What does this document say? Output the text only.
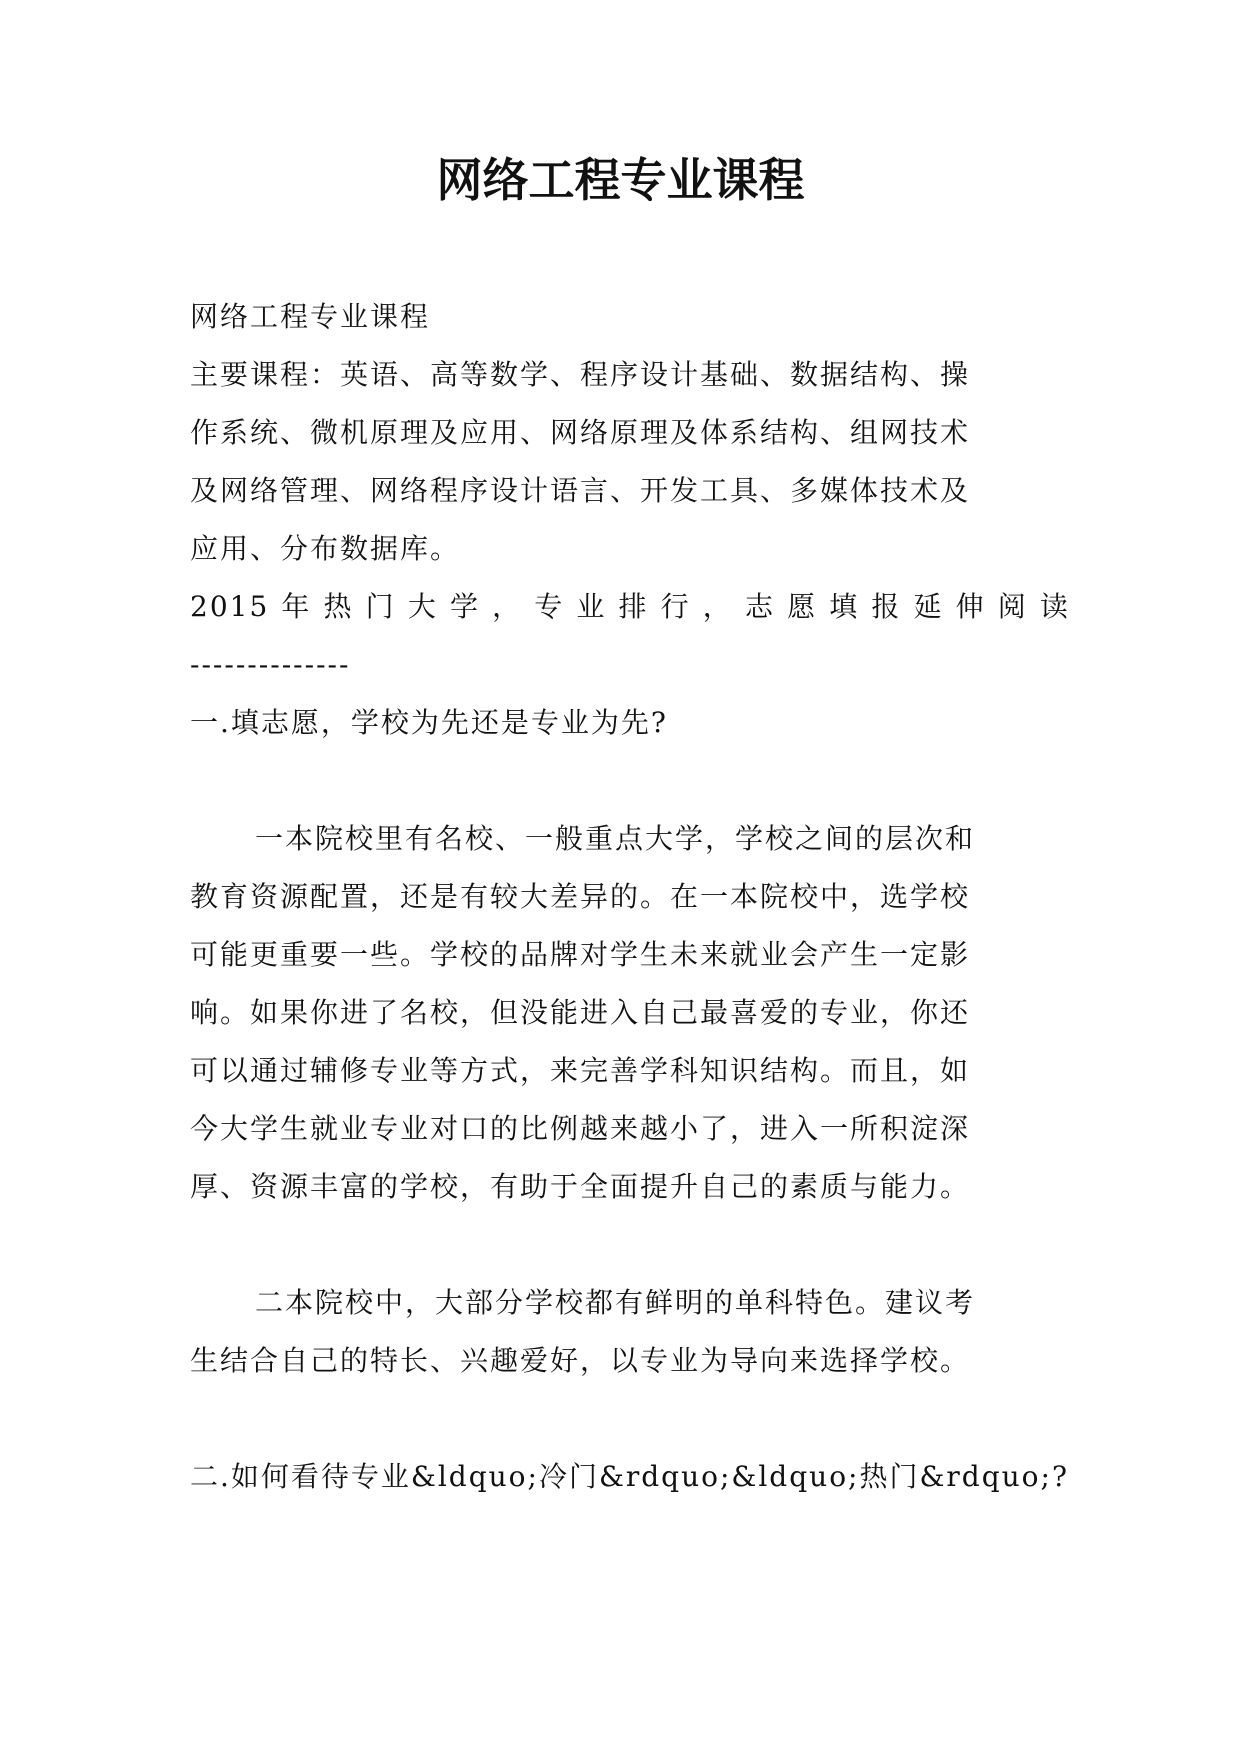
网络工程专业课程
网络工程专业课程
主要课程：英语、高等数学、程序设计基础、数据结构、操
作系统、微机原理及应用、网络原理及体系结构、组网技术
及网络管理、网络程序设计语言、开发工具、多媒体技术及
应用、分布数据库。
2015 年 热 门 大 学 ， 专 业 排 行 ， 志 愿 填 报 延 伸 阅 读
--------------
一.填志愿，学校为先还是专业为先?
一本院校里有名校、一般重点大学，学校之间的层次和
教育资源配置，还是有较大差异的。在一本院校中，选学校
可能更重要一些。学校的品牌对学生未来就业会产生一定影
响。如果你进了名校，但没能进入自己最喜爱的专业，你还
可以通过辅修专业等方式，来完善学科知识结构。而且，如
今大学生就业专业对口的比例越来越小了，进入一所积淀深
厚、资源丰富的学校，有助于全面提升自己的素质与能力。
二本院校中，大部分学校都有鲜明的单科特色。建议考
生结合自己的特长、兴趣爱好，以专业为导向来选择学校。
二.如何看待专业&ldquo;冷门&rdquo;&ldquo;热门&rdquo;?
